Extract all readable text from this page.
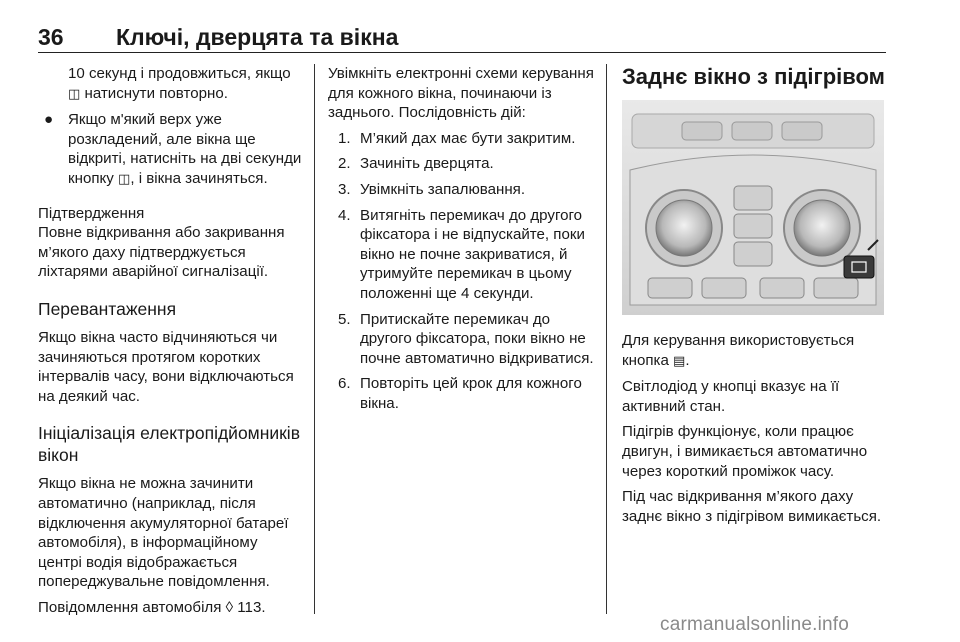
36 Ключі, дверцята та вікна

10 секунд і продовжиться, якщо
◫ натиснути повторно.

● Якщо м'який верх уже розкладений, але вікна ще відкриті, натисніть на дві секунди кнопку ◫, і вікна зачиняться.

Підтвердження

Повне відкривання або закривання м’якого даху підтверджується ліхтарями аварійної сигналізації.

Перевантаження

Якщо вікна часто відчиняються чи зачиняються протягом коротких інтервалів часу, вони відключаються на деякий час.

Ініціалізація електропідйомників вікон

Якщо вікна не можна зачинити автоматично (наприклад, після відключення акумуляторної батареї автомобіля), в інформаційному центрі водія відображається попереджувальне повідомлення.

Повідомлення автомобіля ◊ 113.

Увімкніть електронні схеми керування для кожного вікна, починаючи із заднього. Послідовність дій:

1. М’який дах має бути закритим.
2. Зачиніть дверцята.
3. Увімкніть запалювання.
4. Витягніть перемикач до другого фіксатора і не відпускайте, поки вікно не почне закриватися, й утримуйте перемикач в цьому положенні ще 4 секунди.
5. Притискайте перемикач до другого фіксатора, поки вікно не почне автоматично відкриватися.
6. Повторіть цей крок для кожного вікна.

Заднє вікно з підігрівом

Для керування використовується кнопка ▤.

Світлодіод у кнопці вказує на її активний стан.

Підігрів функціонує, коли працює двигун, і вимикається автоматично через короткий проміжок часу.

Під час відкривання м’якого даху заднє вікно з підігрівом вимикається.

carmanualsonline.info
